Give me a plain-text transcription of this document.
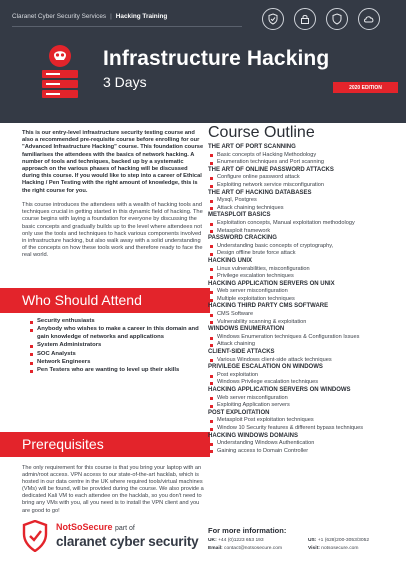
Claranet Cyber Security Services | Hacking Training
Infrastructure Hacking
3 Days	2020 EDITION

This is our entry-level infrastructure security testing course and also a recommended pre-requisite course before enrolling for our "Advanced Infrastructure Hacking" course. This foundation course familiarises the attendees with the basics of network hacking. A number of tools and techniques, backed up by a systematic approach on the various phases of hacking will be discussed during this course. If you would like to step into a career of Ethical Hacking / Pen Testing with the right amount of knowledge, this is the right course for you.

This course introduces the attendees with a wealth of hacking tools and techniques crucial in getting started in this dynamic field of hacking. The course begins with laying a foundation for everyone by discussing the basic concepts and gradually builds up to the level where attendees not only use the tools and techniques to hack various components involved in infrastructure hacking, but also walk away with a solid understanding of the concepts on how these tools work and therefore ready to face the real world.

Who Should Attend
Security enthusiasts
Anybody who wishes to make a career in this domain and gain knowledge of networks and applications
System Administrators
SOC Analysts
Network Engineers
Pen Testers who are wanting to level up their skills
Prerequisites

The only requirement for this course is that you bring your laptop with an admin/root access. VPN access to our state-of-the-art hacklab, which is hosted in our data centre in the UK where required tools/virtual machines (VMs) will be found, will be provided during the course. We also provide a dedicated Kali VM to each attendee on the hacklab, so you don't need to bring any VMs with you, all you need is to install the VPN client and you are good to go!

NotSoSecure part of
claranet cyber security
Course Outline
THE ART OF PORT SCANNING
Basic concepts of Hacking Methodology
Enumeration techniques and Port scanning
THE ART OF ONLINE PASSWORD ATTACKS
Configure online password attack
Exploiting network service misconfiguration
THE ART OF HACKING DATABASES
Mysql, Postgres
Attack chaining techniques
METASPLOIT BASICS
Exploitation concepts, Manual exploitation methodology
Metasploit framework
PASSWORD CRACKING
Understanding basic concepts of cryptography,
Design offline brute force attack
HACKING UNIX
Linux vulnerabilities, misconfiguration
Privilege escalation techniques
HACKING APPLICATION SERVERS ON UNIX
Web server misconfiguration
Multiple exploitation techniques
HACKING THIRD PARTY CMS SOFTWARE
CMS Software
Vulnerability scanning & exploitation
WINDOWS ENUMERATION
Windows Enumeration techniques & Configuration Issues
Attack chaining
CLIENT-SIDE ATTACKS
Various Windows client-side attack techniques
PRIVILEGE ESCALATION ON WINDOWS
Post exploitation
Windows Privilege escalation techniques
HACKING APPLICATION SERVERS ON WINDOWS
Web server misconfiguration
Exploiting Application servers
POST EXPLOITATION
Metasploit Post exploitation techniques
Window 10 Security features & different bypass techniques
HACKING WINDOWS DOMAINS
Understanding Windows Authentication
Gaining access to Domain Controller
For more information:
UK: +44 (0)1223 653 193	US: +1 (628)200-3053/3052
Email: contact@notsosecure.com	Visit: notsosecure.com
